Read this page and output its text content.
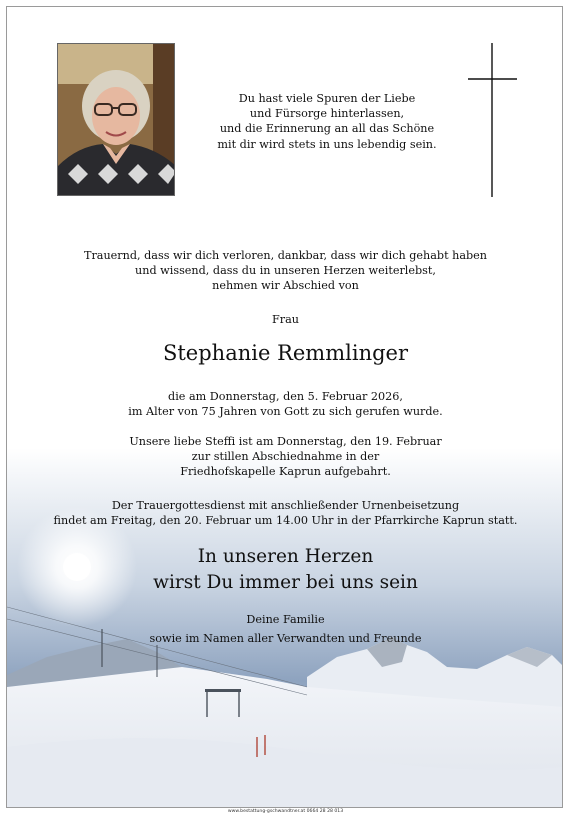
Du hast viele Spuren der Liebe

und Fürsorge hinterlassen,

und die Erinnerung an all das Schöne

mit dir wird stets in uns lebendig sein.

Trauernd, dass wir dich verloren, dankbar, dass wir dich gehabt haben

und wissend, dass du in unseren Herzen weiterlebst,

nehmen wir Abschied von

Frau

Stephanie Remmlinger

die am Donnerstag, den 5. Februar 2026,

im Alter von 75 Jahren von Gott zu sich gerufen wurde.

Unsere liebe Steffi ist am Donnerstag, den 19. Februar

zur stillen Abschiednahme in der

Friedhofskapelle Kaprun aufgebahrt.

Der Trauergottesdienst mit anschließender Urnenbeisetzung

findet am Freitag, den 20. Februar um 14.00 Uhr in der Pfarrkirche Kaprun statt.

In unseren Herzen

wirst Du immer bei uns sein

Deine Familie

sowie im Namen aller Verwandten und Freunde

www.bestattung-gschwandtner.at 0664 28 28 013
